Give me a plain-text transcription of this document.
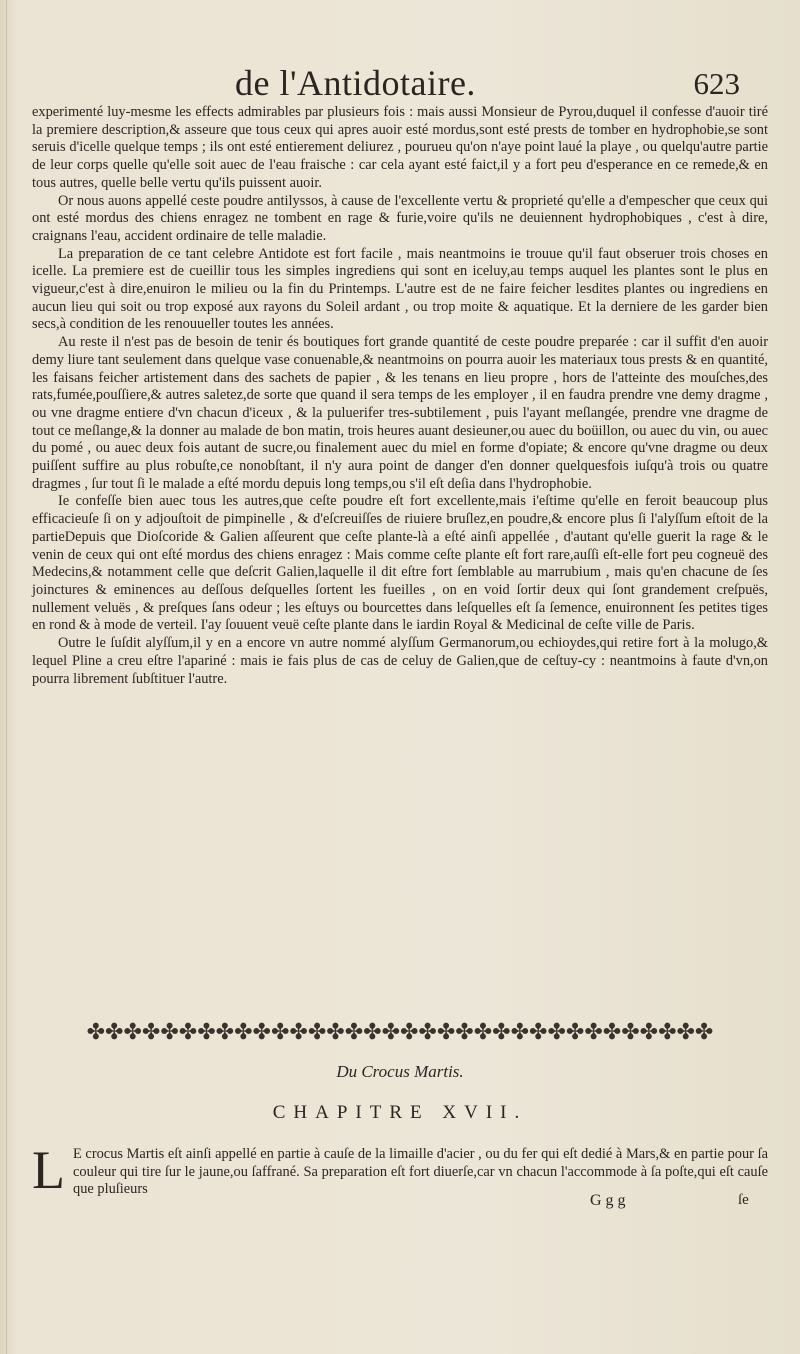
de l'Antidotaire.	623

experimenté luy-mesme les effects admirables par plusieurs fois : mais aussi Monsieur de Pyrou,duquel il confesse d'auoir tiré la premiere description,& asseure que tous ceux qui apres auoir esté mordus,sont esté prests de tomber en hydrophobie,se sont seruis d'icelle quelque temps ; ils ont esté entierement deliurez , pourueu qu'on n'aye point laué la playe , ou quelqu'autre partie de leur corps quelle qu'elle soit auec de l'eau fraische : car cela ayant esté faict,il y a fort peu d'esperance en ce remede,& en tous autres, quelle belle vertu qu'ils puissent auoir.

Or nous auons appellé ceste poudre antilyssos, à cause de l'excellente vertu & proprieté qu'elle a d'empescher que ceux qui ont esté mordus des chiens enragez ne tombent en rage & furie,voire qu'ils ne deuiennent hydrophobiques , c'est à dire, craignans l'eau, accident ordinaire de telle maladie.

La preparation de ce tant celebre Antidote est fort facile , mais neantmoins ie trouue qu'il faut obseruer trois choses en icelle. La premiere est de cueillir tous les simples ingrediens qui sont en iceluy,au temps auquel les plantes sont le plus en vigueur,c'est à dire,enuiron le milieu ou la fin du Printemps. L'autre est de ne faire feicher lesdites plantes ou ingrediens en aucun lieu qui soit ou trop exposé aux rayons du Soleil ardant , ou trop moite & aquatique. Et la derniere de les garder bien secs,à condition de les renouueller toutes les années.

Au reste il n'est pas de besoin de tenir és boutiques fort grande quantité de ceste poudre preparée : car il suffit d'en auoir demy liure tant seulement dans quelque vase conuenable,& neantmoins on pourra auoir les materiaux tous prests & en quantité, les faisans feicher artistement dans des sachets de papier , & les tenans en lieu propre , hors de l'atteinte des mouſches,des rats,fumée,pouſſiere,& autres saletez,de sorte que quand il sera temps de les employer , il en faudra prendre vne demy dragme , ou vne dragme entiere d'vn chacun d'iceux , & la puluerifer tres-subtilement , puis l'ayant meſlangée, prendre vne dragme de tout ce meſlange,& la donner au malade de bon matin, trois heures auant desieuner,ou auec du boüillon, ou auec du vin, ou auec du pomé , ou auec deux fois autant de sucre,ou finalement auec du miel en forme d'opiate; & encore qu'vne dragme ou deux puiſſent suffire au plus robuſte,ce nonobſtant, il n'y aura point de danger d'en donner quelquesfois iuſqu'à trois ou quatre dragmes , ſur tout ſi le malade a eſté mordu depuis long temps,ou s'il eſt deſia dans l'hydrophobie.

Ie confeſſe bien auec tous les autres,que ceſte poudre eſt fort excellente,mais i'eſtime qu'elle en feroit beaucoup plus efficacieuſe ſi on y adjouſtoit de pimpinelle , & d'eſcreuiſſes de riuiere bruſlez,en poudre,& encore plus ſi l'alyſſum eſtoit de la partieDepuis que Dioſcoride & Galien aſſeurent que ceſte plante-là a eſté ainſi appellée , d'autant qu'elle guerit la rage & le venin de ceux qui ont eſté mordus des chiens enragez : Mais comme ceſte plante eſt fort rare,auſſi eſt-elle fort peu cogneuë des Medecins,& notamment celle que deſcrit Galien,laquelle il dit eſtre fort ſemblable au marrubium , mais qu'en chacune de ſes joinctures & eminences au deſſous deſquelles ſortent les fueilles , on en void ſortir deux qui ſont grandement creſpuës, nullement veluës , & preſques ſans odeur ; les eſtuys ou bourcettes dans leſquelles eſt ſa ſemence, enuironnent ſes petites tiges en rond & à mode de verteil. I'ay ſouuent veuë ceſte plante dans le iardin Royal & Medicinal de ceſte ville de Paris.

Outre le ſuſdit alyſſum,il y en a encore vn autre nommé alyſſum Germanorum,ou echioydes,qui retire fort à la molugo,& lequel Pline a creu eſtre l'apariné : mais ie fais plus de cas de celuy de Galien,que de ceſtuy-cy : neantmoins à faute d'vn,on pourra librement ſubſtituer l'autre.

✤✤✤✤✤✤✤✤✤✤✤✤✤✤✤✤✤✤✤✤✤✤✤✤✤✤✤✤✤✤✤✤✤✤
Du Crocus Martis.
CHAPITRE XVII.
L E crocus Martis eſt ainſi appellé en partie à cauſe de la limaille d'acier , ou du fer qui eſt dedié à Mars,& en partie pour ſa couleur qui tire ſur le jaune,ou ſaffrané. Sa preparation eſt fort diuerſe,car vn chacun l'accommode à ſa poſte,qui eſt cauſe que pluſieurs
Ggg	ſe
